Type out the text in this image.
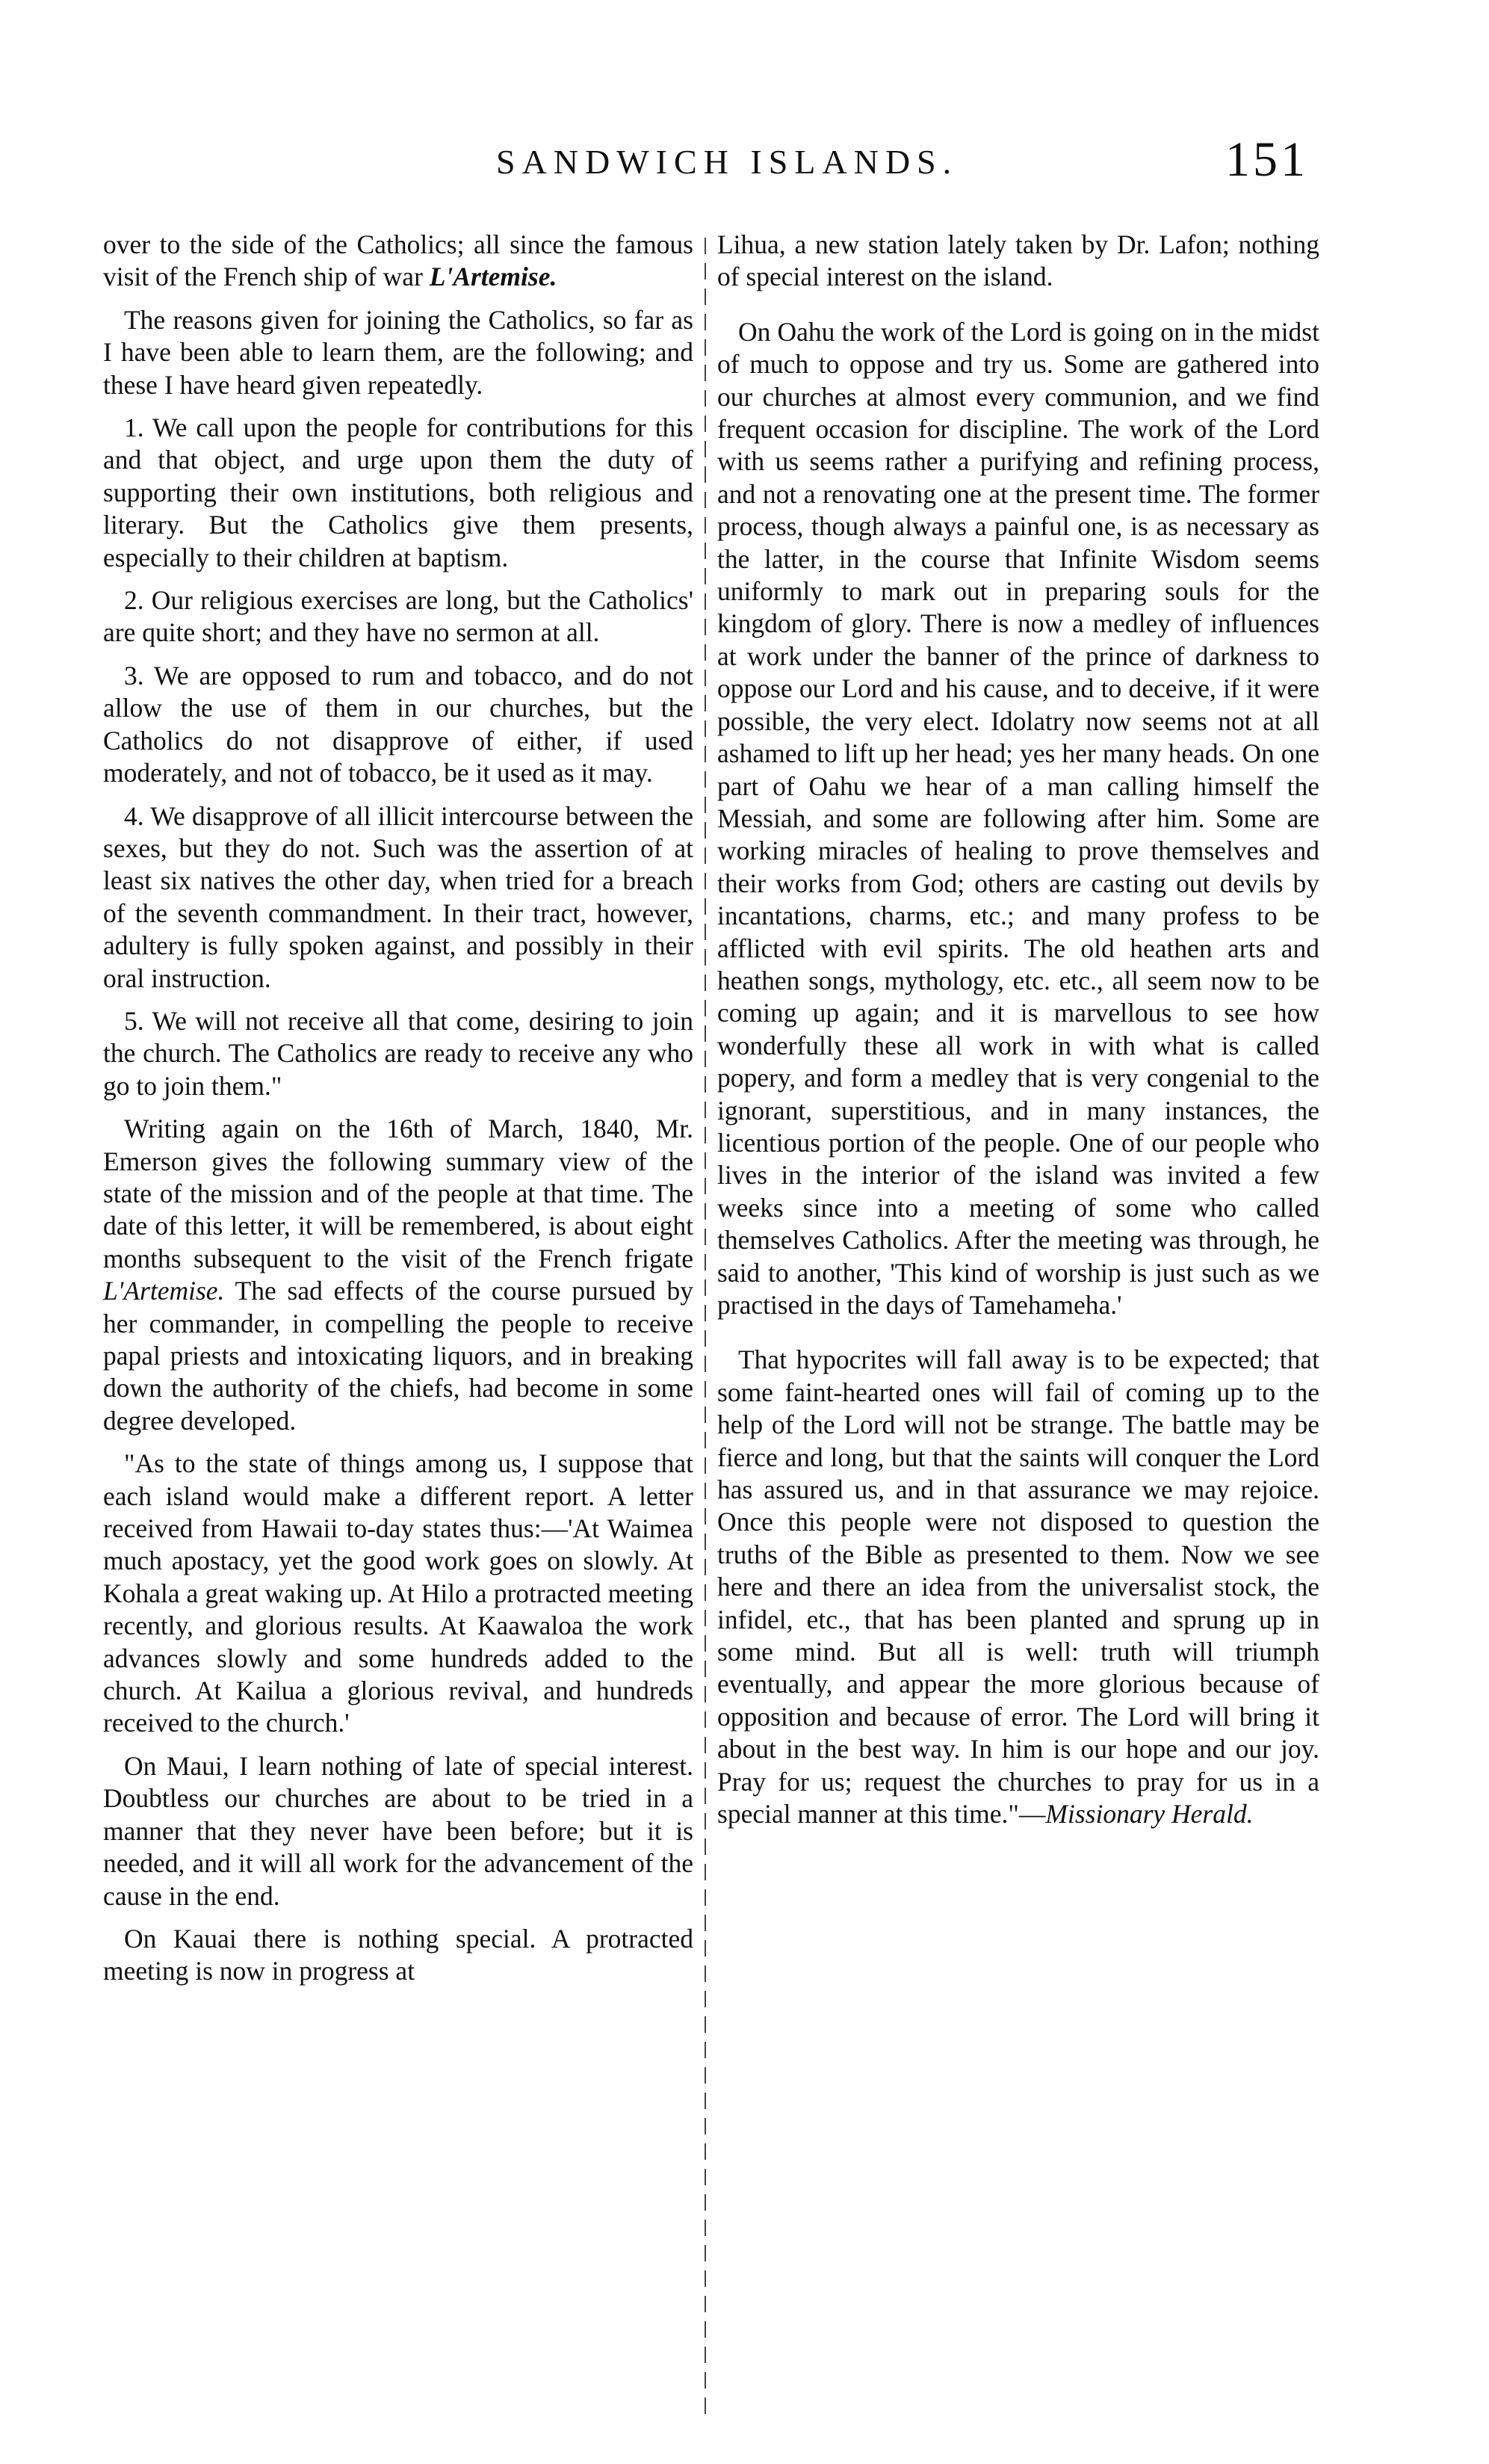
SANDWICH ISLANDS.	151

over to the side of the Catholics; all since the famous visit of the French ship of war L'Artemise.

The reasons given for joining the Catholics, so far as I have been able to learn them, are the following; and these I have heard given repeatedly.

1. We call upon the people for contributions for this and that object, and urge upon them the duty of supporting their own institutions, both religious and literary. But the Catholics give them presents, especially to their children at baptism.

2. Our religious exercises are long, but the Catholics' are quite short; and they have no sermon at all.

3. We are opposed to rum and tobacco, and do not allow the use of them in our churches, but the Catholics do not disapprove of either, if used moderately, and not of tobacco, be it used as it may.

4. We disapprove of all illicit intercourse between the sexes, but they do not. Such was the assertion of at least six natives the other day, when tried for a breach of the seventh commandment. In their tract, however, adultery is fully spoken against, and possibly in their oral instruction.

5. We will not receive all that come, desiring to join the church. The Catholics are ready to receive any who go to join them."

Writing again on the 16th of March, 1840, Mr. Emerson gives the following summary view of the state of the mission and of the people at that time. The date of this letter, it will be remembered, is about eight months subsequent to the visit of the French frigate L'Artemise. The sad effects of the course pursued by her commander, in compelling the people to receive papal priests and intoxicating liquors, and in breaking down the authority of the chiefs, had become in some degree developed.

"As to the state of things among us, I suppose that each island would make a different report. A letter received from Hawaii to-day states thus:—'At Waimea much apostacy, yet the good work goes on slowly. At Kohala a great waking up. At Hilo a protracted meeting recently, and glorious results. At Kaawaloa the work advances slowly and some hundreds added to the church. At Kailua a glorious revival, and hundreds received to the church.'

On Maui, I learn nothing of late of special interest. Doubtless our churches are about to be tried in a manner that they never have been before; but it is needed, and it will all work for the advancement of the cause in the end.

On Kauai there is nothing special. A protracted meeting is now in progress at

Lihua, a new station lately taken by Dr. Lafon; nothing of special interest on the island.

On Oahu the work of the Lord is going on in the midst of much to oppose and try us. Some are gathered into our churches at almost every communion, and we find frequent occasion for discipline. The work of the Lord with us seems rather a purifying and refining process, and not a renovating one at the present time. The former process, though always a painful one, is as necessary as the latter, in the course that Infinite Wisdom seems uniformly to mark out in preparing souls for the kingdom of glory. There is now a medley of influences at work under the banner of the prince of darkness to oppose our Lord and his cause, and to deceive, if it were possible, the very elect. Idolatry now seems not at all ashamed to lift up her head; yes her many heads. On one part of Oahu we hear of a man calling himself the Messiah, and some are following after him. Some are working miracles of healing to prove themselves and their works from God; others are casting out devils by incantations, charms, etc.; and many profess to be afflicted with evil spirits. The old heathen arts and heathen songs, mythology, etc. etc., all seem now to be coming up again; and it is marvellous to see how wonderfully these all work in with what is called popery, and form a medley that is very congenial to the ignorant, superstitious, and in many instances, the licentious portion of the people. One of our people who lives in the interior of the island was invited a few weeks since into a meeting of some who called themselves Catholics. After the meeting was through, he said to another, 'This kind of worship is just such as we practised in the days of Tamehameha.'

That hypocrites will fall away is to be expected; that some faint-hearted ones will fail of coming up to the help of the Lord will not be strange. The battle may be fierce and long, but that the saints will conquer the Lord has assured us, and in that assurance we may rejoice. Once this people were not disposed to question the truths of the Bible as presented to them. Now we see here and there an idea from the universalist stock, the infidel, etc., that has been planted and sprung up in some mind. But all is well: truth will triumph eventually, and appear the more glorious because of opposition and because of error. The Lord will bring it about in the best way. In him is our hope and our joy. Pray for us; request the churches to pray for us in a special manner at this time."—Missionary Herald.
